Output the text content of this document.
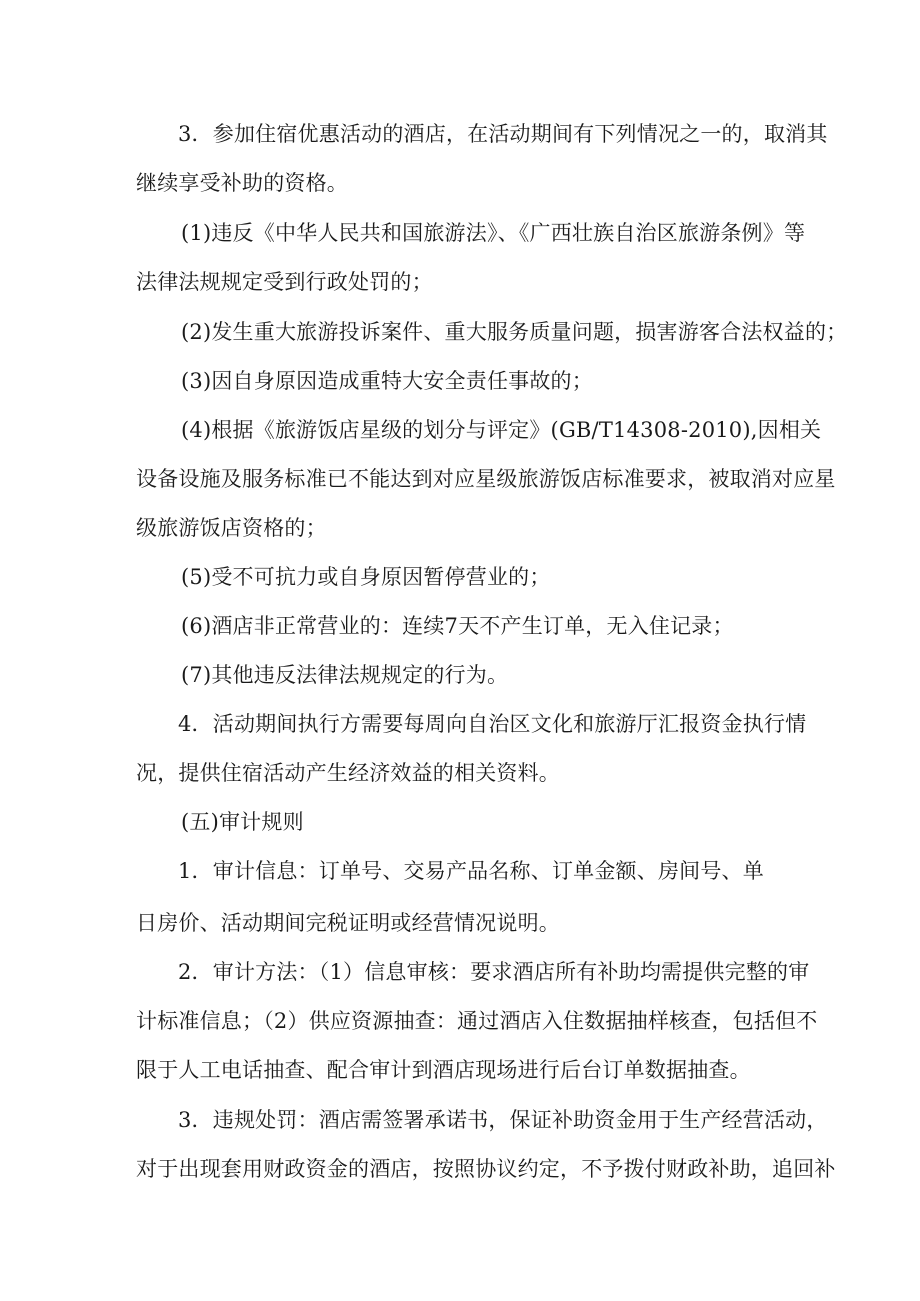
3．参加住宿优惠活动的酒店，在活动期间有下列情况之一的，取消其
继续享受补助的资格。
(1)违反《中华人民共和国旅游法》、《广西壮族自治区旅游条例》等
法律法规规定受到行政处罚的；
(2)发生重大旅游投诉案件、重大服务质量问题，损害游客合法权益的；
(3)因自身原因造成重特大安全责任事故的；
(4)根据《旅游饭店星级的划分与评定》(GB/T14308-2010),因相关
设备设施及服务标准已不能达到对应星级旅游饭店标准要求，被取消对应星
级旅游饭店资格的；
(5)受不可抗力或自身原因暂停营业的；
(6)酒店非正常营业的：连续7天不产生订单，无入住记录；
(7)其他违反法律法规规定的行为。
4．活动期间执行方需要每周向自治区文化和旅游厅汇报资金执行情
况，提供住宿活动产生经济效益的相关资料。
(五)审计规则
1．审计信息：订单号、交易产品名称、订单金额、房间号、单
日房价、活动期间完税证明或经营情况说明。
2．审计方法：（1）信息审核：要求酒店所有补助均需提供完整的审
计标准信息；（2）供应资源抽查：通过酒店入住数据抽样核查，包括但不
限于人工电话抽查、配合审计到酒店现场进行后台订单数据抽查。
3．违规处罚：酒店需签署承诺书，保证补助资金用于生产经营活动，
对于出现套用财政资金的酒店，按照协议约定，不予拨付财政补助，追回补
